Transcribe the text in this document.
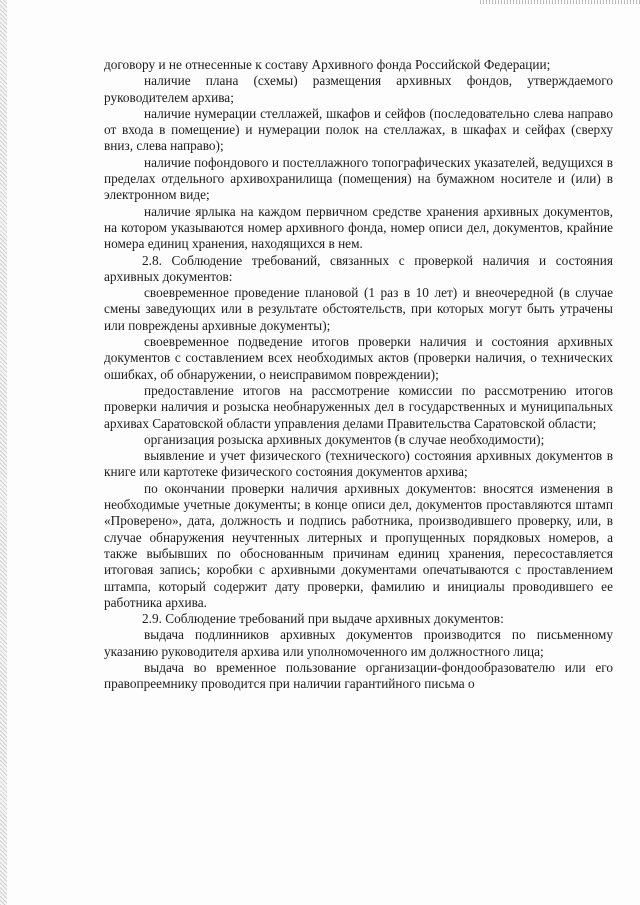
договору и не отнесенные к составу Архивного фонда Российской Федерации;

наличие плана (схемы) размещения архивных фондов, утверждаемого руководителем архива;

наличие нумерации стеллажей, шкафов и сейфов (последовательно слева направо от входа в помещение) и нумерации полок на стеллажах, в шкафах и сейфах (сверху вниз, слева направо);

наличие пофондового и постеллажного топографических указателей, ведущихся в пределах отдельного архивохранилища (помещения) на бумажном носителе и (или) в электронном виде;

наличие ярлыка на каждом первичном средстве хранения архивных документов, на котором указываются номер архивного фонда, номер описи дел, документов, крайние номера единиц хранения, находящихся в нем.

2.8. Соблюдение требований, связанных с проверкой наличия и состояния архивных документов:

своевременное проведение плановой (1 раз в 10 лет) и внеочередной (в случае смены заведующих или в результате обстоятельств, при которых могут быть утрачены или повреждены архивные документы);

своевременное подведение итогов проверки наличия и состояния архивных документов с составлением всех необходимых актов (проверки наличия, о технических ошибках, об обнаружении, о неисправимом повреждении);

предоставление итогов на рассмотрение комиссии по рассмотрению итогов проверки наличия и розыска необнаруженных дел в государственных и муниципальных архивах Саратовской области управления делами Правительства Саратовской области;

организация розыска архивных документов (в случае необходимости);

выявление и учет физического (технического) состояния архивных документов в книге или картотеке физического состояния документов архива;

по окончании проверки наличия архивных документов: вносятся изменения в необходимые учетные документы; в конце описи дел, документов проставляются штамп «Проверено», дата, должность и подпись работника, производившего проверку, или, в случае обнаружения неучтенных литерных и пропущенных порядковых номеров, а также выбывших по обоснованным причинам единиц хранения, пересоставляется итоговая запись; коробки с архивными документами опечатываются с проставлением штампа, который содержит дату проверки, фамилию и инициалы проводившего ее работника архива.

2.9. Соблюдение требований при выдаче архивных документов:

выдача подлинников архивных документов производится по письменному указанию руководителя архива или уполномоченного им должностного лица;

выдача во временное пользование организации-фондообразователю или его правопреемнику проводится при наличии гарантийного письма о
